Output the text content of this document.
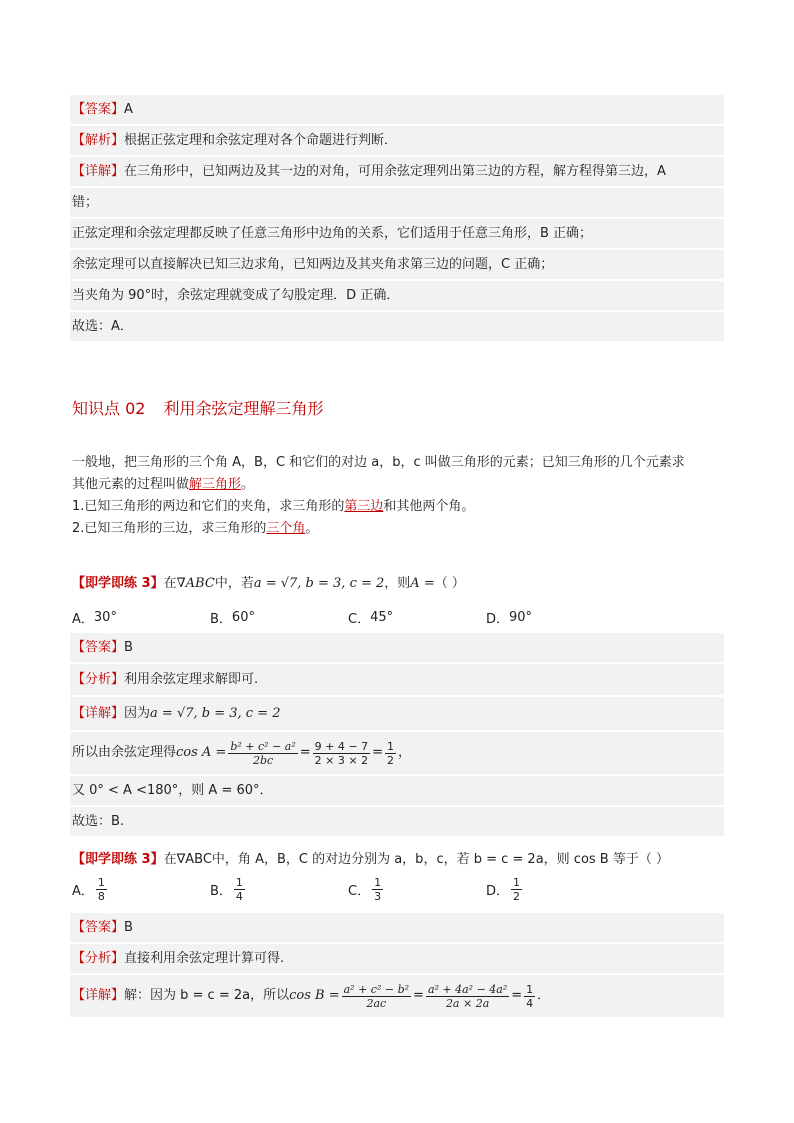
【答案】 A
【解析】 根据正弦定理和余弦定理对各个命题进行判断．
【详解】 在三角形中，已知两边及其一边的对角，可用余弦定理列出第三边的方程，解方程得第三边，A
错；
正弦定理和余弦定理都反映了任意三角形中边角的关系，它们适用于任意三角形，B 正确；
余弦定理可以直接解决已知三边求角，已知两边及其夹角求第三边的问题，C 正确；
当夹角为 90°时，余弦定理就变成了勾股定理．D 正确．
故选：A．
知识点 02 利用余弦定理解三角形
一般地，把三角形的三个角 A，B，C 和它们的对边 a，b，c 叫做三角形的元素；已知三角形的几个元素求
其他元素的过程叫做解三角形。
1.已知三角形的两边和它们的夹角，求三角形的第三边和其他两个角。
2.已知三角形的三边，求三角形的三个角。
【即学即练 3】在∇ABC中，若a = √7, b = 3, c = 2，则A =（ ）
A． 30°	B． 60°	C． 45°	D． 90°
【答案】 B
【分析】 利用余弦定理求解即可.
【详解】 因为 a = √7, b = 3, c = 2
所以由余弦定理得 $\cos A = \frac{\text{b² + c² − a²}}{2bc} = \frac{9 + 4 - 7}{2 \times 3 \times 2} = \frac{1}{2}$ ，
又 0° < A <180°，则 A = 60°．
故选：B.
【即学即练 3】在∇ABC中，角 A，B，C 的对边分别为 a，b，c，若 b = c = 2a，则 cos B 等于（ ）
A． $\frac{1}{8}$	B． $\frac{1}{4}$	C． $\frac{1}{3}$	D． $\frac{1}{2}$
【答案】 B
【分析】 直接利用余弦定理计算可得.
【详解】 解：因为 b = c = 2a，所以 $\cos B = \frac{\text{a² + c² − b²}}{2ac} = \frac{\text{a² + 4a² − 4a²}}{2a \times 2a} = \frac{1}{4}$ ．
